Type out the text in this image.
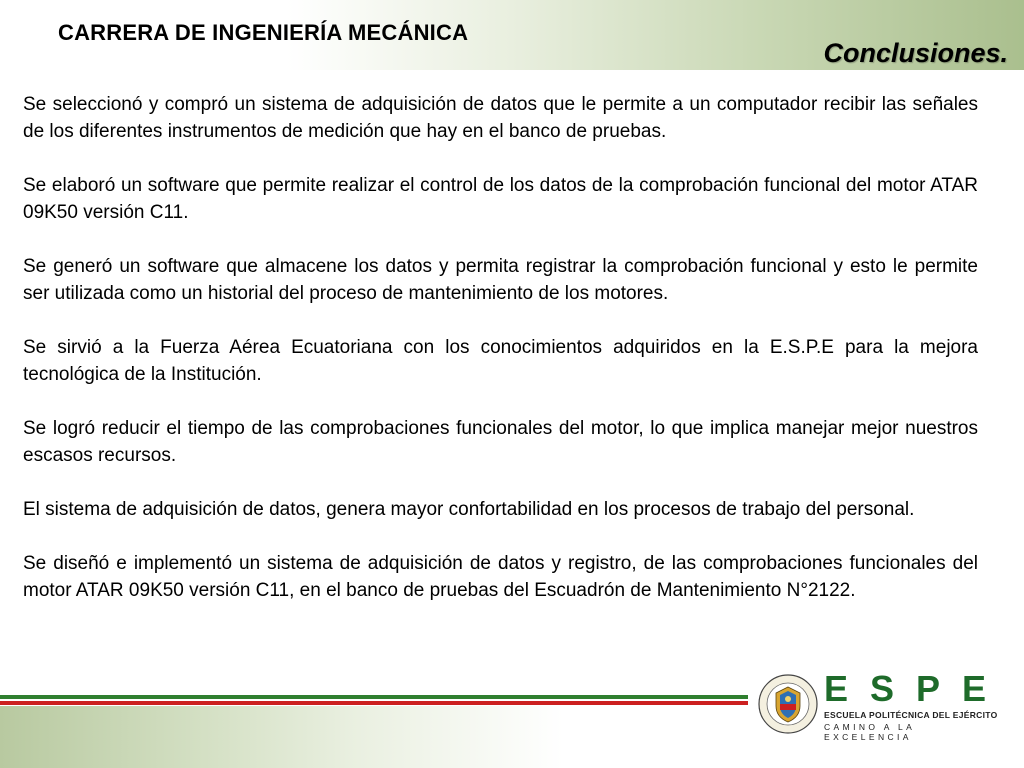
CARRERA DE INGENIERÍA MECÁNICA
Conclusiones.

Se seleccionó y compró un sistema de adquisición de datos que le permite a un computador recibir las señales de los diferentes instrumentos de medición que hay en el banco de pruebas.

Se elaboró un software que permite realizar el control de los datos de la comprobación funcional del motor ATAR 09K50 versión C11.

Se generó un software que almacene los datos y permita registrar la comprobación funcional y esto le permite ser utilizada como un historial del proceso de mantenimiento de los motores.

Se sirvió a la Fuerza Aérea Ecuatoriana con los conocimientos adquiridos en la E.S.P.E para la mejora tecnológica de la Institución.

Se logró reducir el tiempo de las comprobaciones funcionales del motor, lo que implica manejar mejor nuestros escasos recursos.

El sistema de adquisición de datos, genera mayor confortabilidad en los procesos de trabajo del personal.

Se diseñó e implementó un sistema de adquisición de datos y registro, de las comprobaciones funcionales del motor ATAR 09K50 versión C11, en el banco de pruebas del Escuadrón de Mantenimiento N°2122.

ESPE
ESCUELA POLITÉCNICA DEL EJÉRCITO
CAMINO A LA EXCELENCIA
